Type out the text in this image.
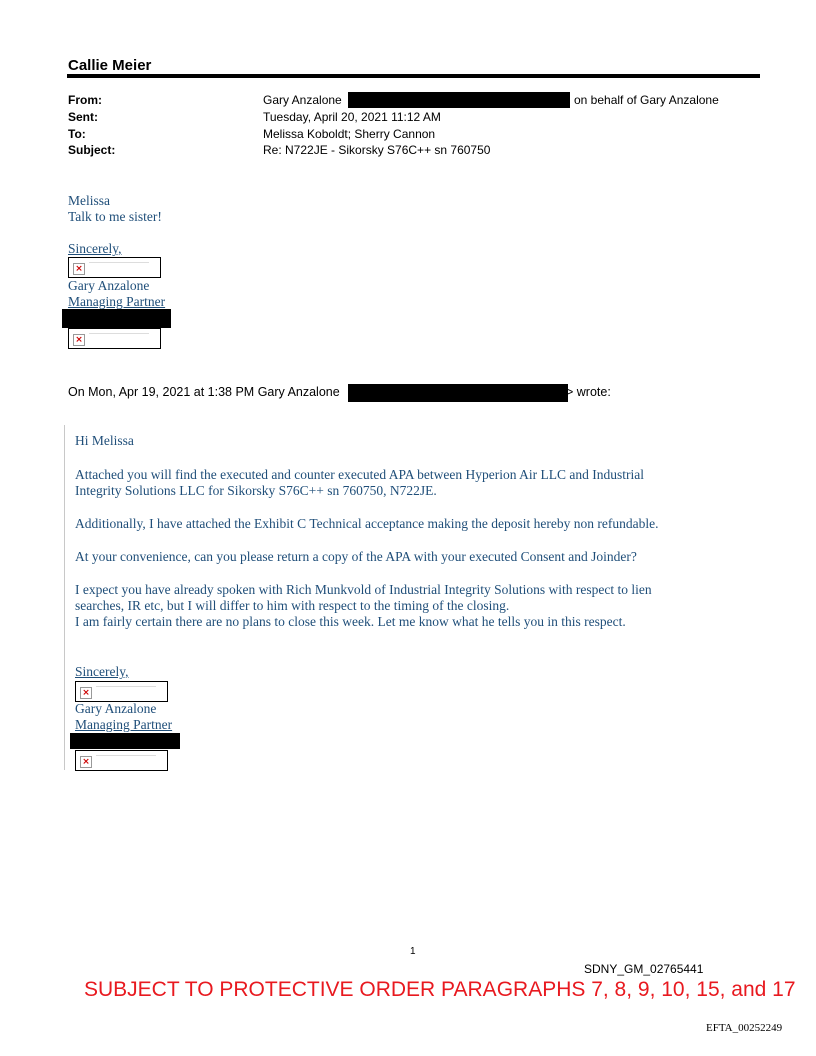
Callie Meier
From:	Gary Anzalone	on behalf of Gary Anzalone
Sent:	Tuesday, April 20, 2021 11:12 AM
To:	Melissa Koboldt; Sherry Cannon
Subject:	Re: N722JE - Sikorsky S76C++ sn 760750
Melissa
Talk to me sister!
Sincerely,
×
Gary Anzalone
Managing Partner
×
On Mon, Apr 19, 2021 at 1:38 PM Gary Anzalone	> wrote:
Hi Melissa
Attached you will find the executed and counter executed APA between Hyperion Air LLC and Industrial
Integrity Solutions LLC for Sikorsky S76C++ sn 760750, N722JE.
Additionally, I have attached the Exhibit C Technical acceptance making the deposit hereby non refundable.
At your convenience, can you please return a copy of the APA with your executed Consent and Joinder?
I expect you have already spoken with Rich Munkvold of Industrial Integrity Solutions with respect to lien
searches, IR etc, but I will differ to him with respect to the timing of the closing.
I am fairly certain there are no plans to close this week. Let me know what he tells you in this respect.
Sincerely,
×
Gary Anzalone
Managing Partner
×
1
SDNY_GM_02765441
SUBJECT TO PROTECTIVE ORDER PARAGRAPHS 7, 8, 9, 10, 15, and 17
EFTA_00252249
